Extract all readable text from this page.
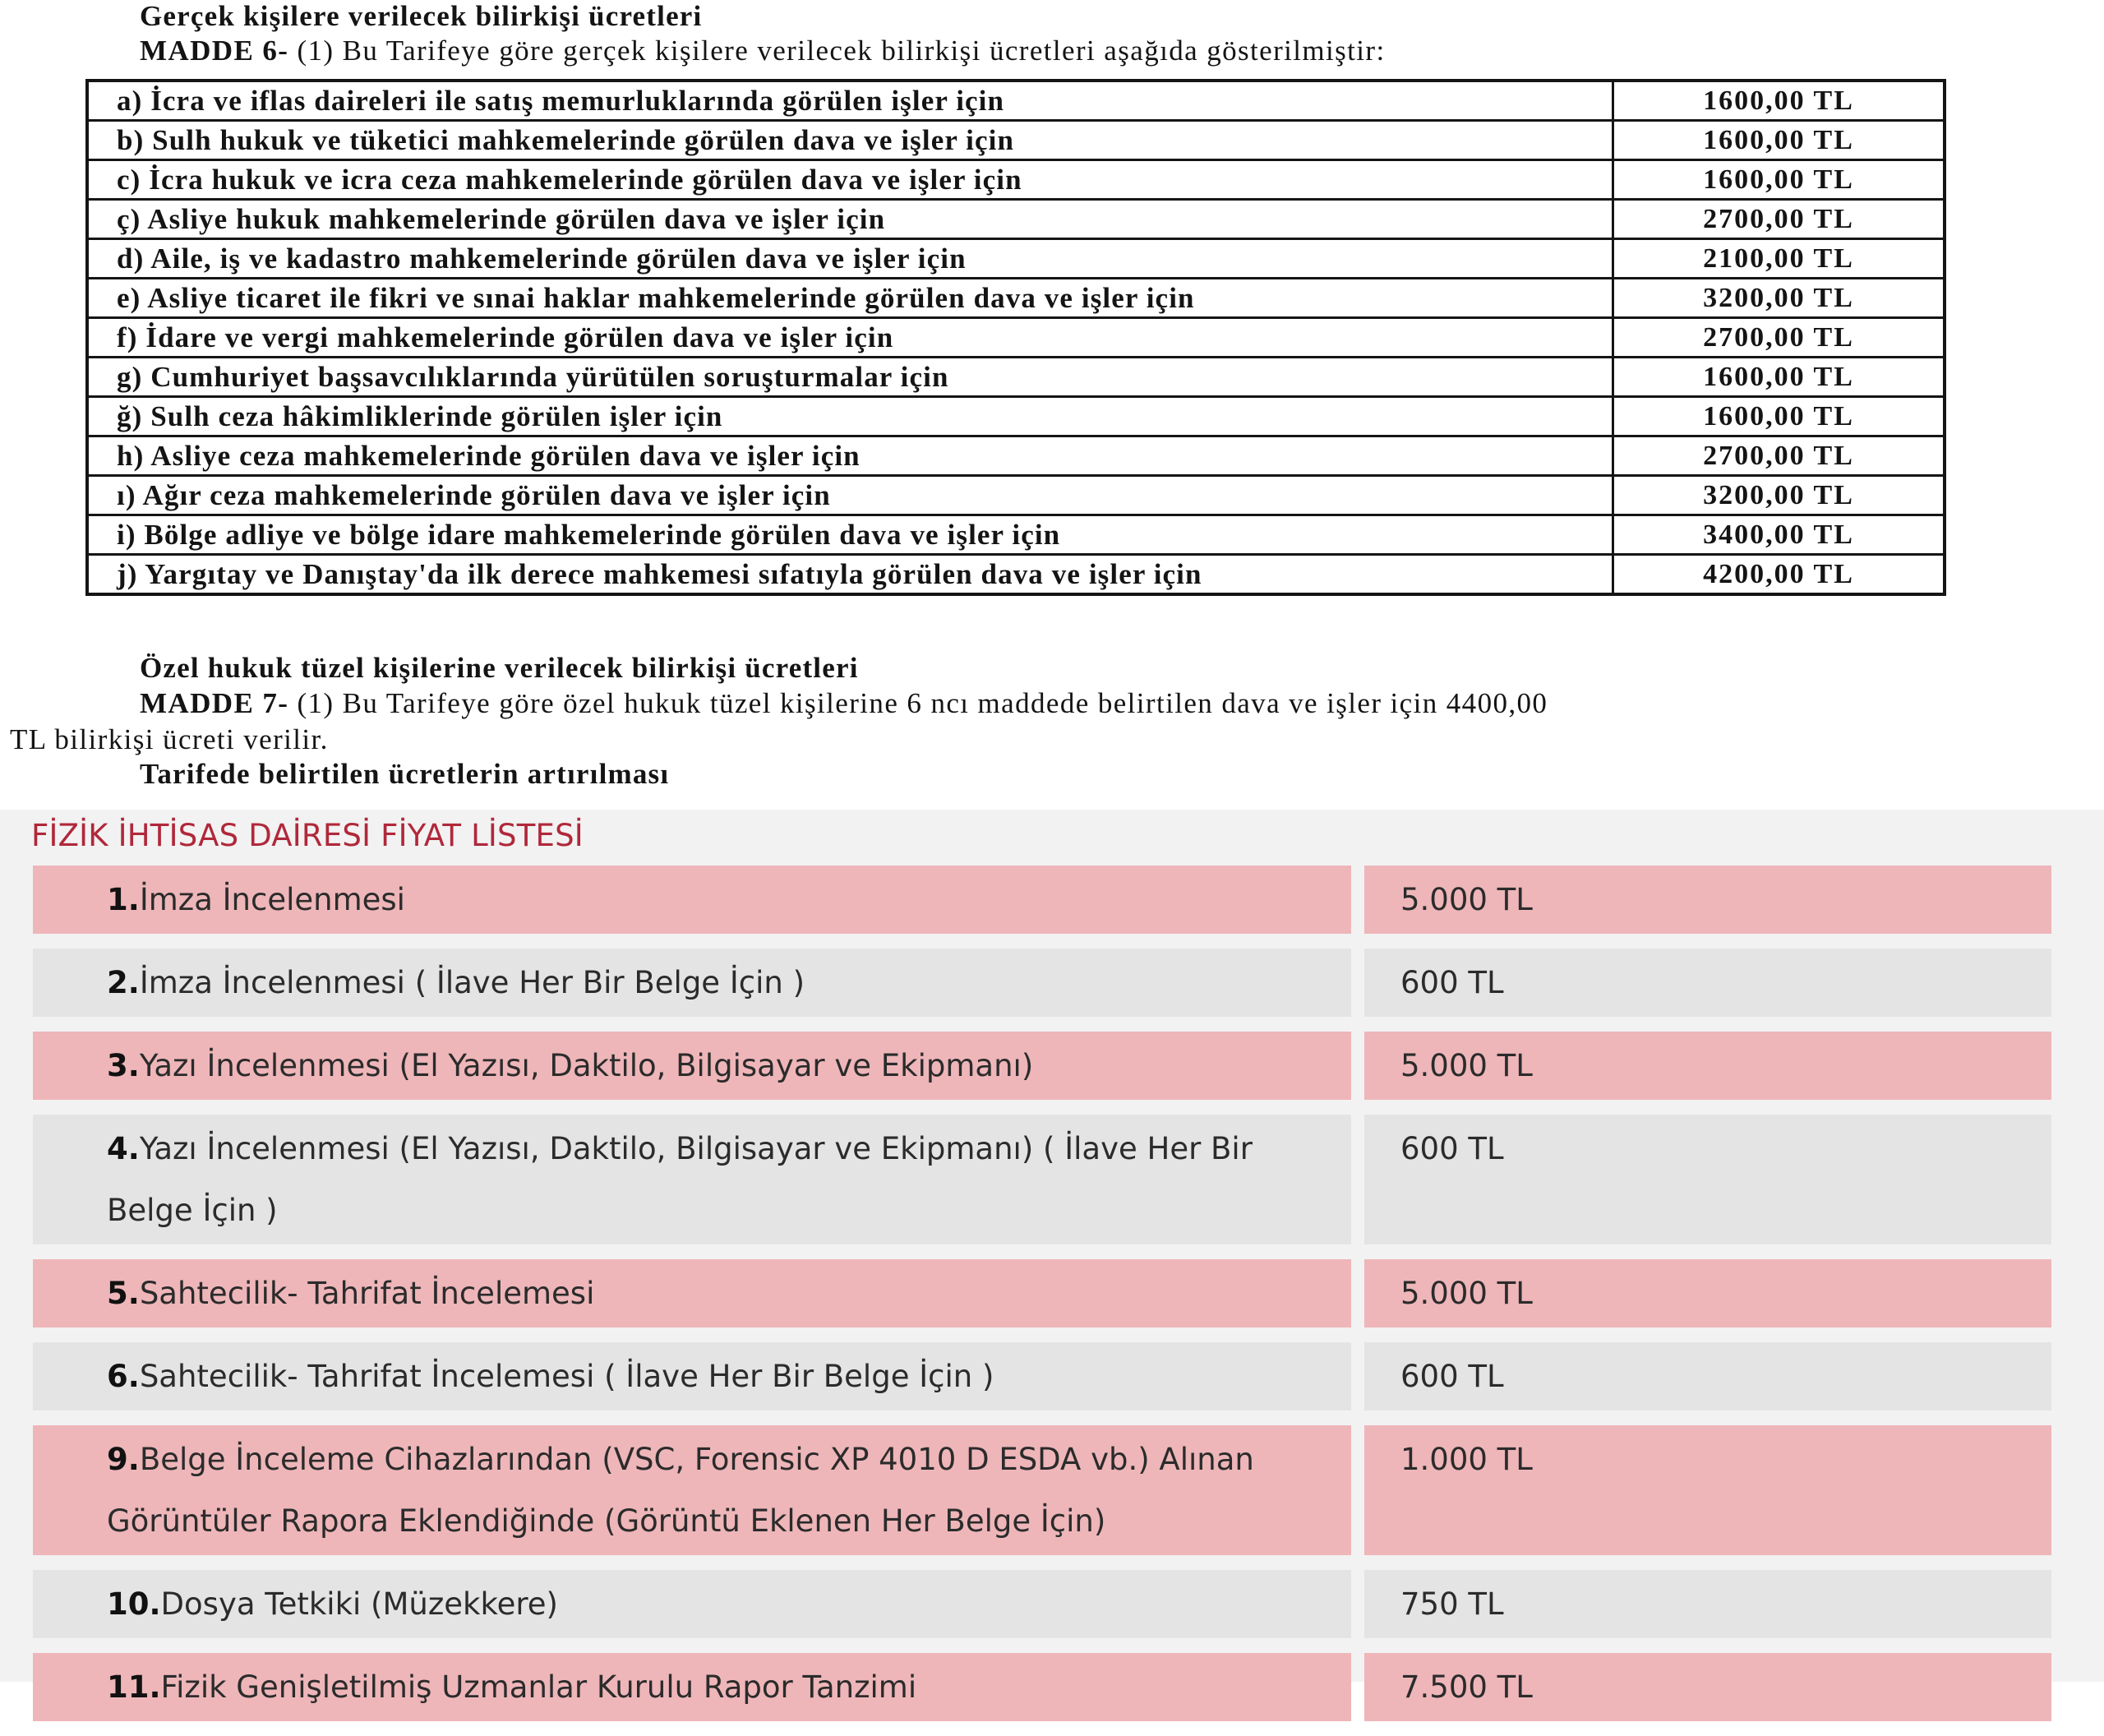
Gerçek kişilere verilecek bilirkişi ücretleri
MADDE 6- (1) Bu Tarifeye göre gerçek kişilere verilecek bilirkişi ücretleri aşağıda gösterilmiştir:
a) İcra ve iflas daireleri ile satış memurluklarında görülen işler için	1600,00 TL
b) Sulh hukuk ve tüketici mahkemelerinde görülen dava ve işler için	1600,00 TL
c) İcra hukuk ve icra ceza mahkemelerinde görülen dava ve işler için	1600,00 TL
ç) Asliye hukuk mahkemelerinde görülen dava ve işler için	2700,00 TL
d) Aile, iş ve kadastro mahkemelerinde görülen dava ve işler için	2100,00 TL
e) Asliye ticaret ile fikri ve sınai haklar mahkemelerinde görülen dava ve işler için	3200,00 TL
f) İdare ve vergi mahkemelerinde görülen dava ve işler için	2700,00 TL
g) Cumhuriyet başsavcılıklarında yürütülen soruşturmalar için	1600,00 TL
ğ) Sulh ceza hâkimliklerinde görülen işler için	1600,00 TL
h) Asliye ceza mahkemelerinde görülen dava ve işler için	2700,00 TL
ı) Ağır ceza mahkemelerinde görülen dava ve işler için	3200,00 TL
i) Bölge adliye ve bölge idare mahkemelerinde görülen dava ve işler için	3400,00 TL
j) Yargıtay ve Danıştay'da ilk derece mahkemesi sıfatıyla görülen dava ve işler için	4200,00 TL
Özel hukuk tüzel kişilerine verilecek bilirkişi ücretleri
MADDE 7- (1) Bu Tarifeye göre özel hukuk tüzel kişilerine 6 ncı maddede belirtilen dava ve işler için 4400,00
TL bilirkişi ücreti verilir.
Tarifede belirtilen ücretlerin artırılması
FİZİK İHTİSAS DAİRESİ FİYAT LİSTESİ
1.İmza İncelenmesi	5.000 TL
2.İmza İncelenmesi ( İlave Her Bir Belge İçin )	600 TL
3.Yazı İncelenmesi (El Yazısı, Daktilo, Bilgisayar ve Ekipmanı)	5.000 TL
4.Yazı İncelenmesi (El Yazısı, Daktilo, Bilgisayar ve Ekipmanı) ( İlave Her Bir Belge İçin )
600 TL
5.Sahtecilik- Tahrifat İncelemesi	5.000 TL
6.Sahtecilik- Tahrifat İncelemesi ( İlave Her Bir Belge İçin )	600 TL
9.Belge İnceleme Cihazlarından (VSC, Forensic XP 4010 D ESDA vb.) Alınan Görüntüler Rapora Eklendiğinde (Görüntü Eklenen Her Belge İçin)
1.000 TL
10.Dosya Tetkiki (Müzekkere)	750 TL
11.Fizik Genişletilmiş Uzmanlar Kurulu Rapor Tanzimi	7.500 TL
